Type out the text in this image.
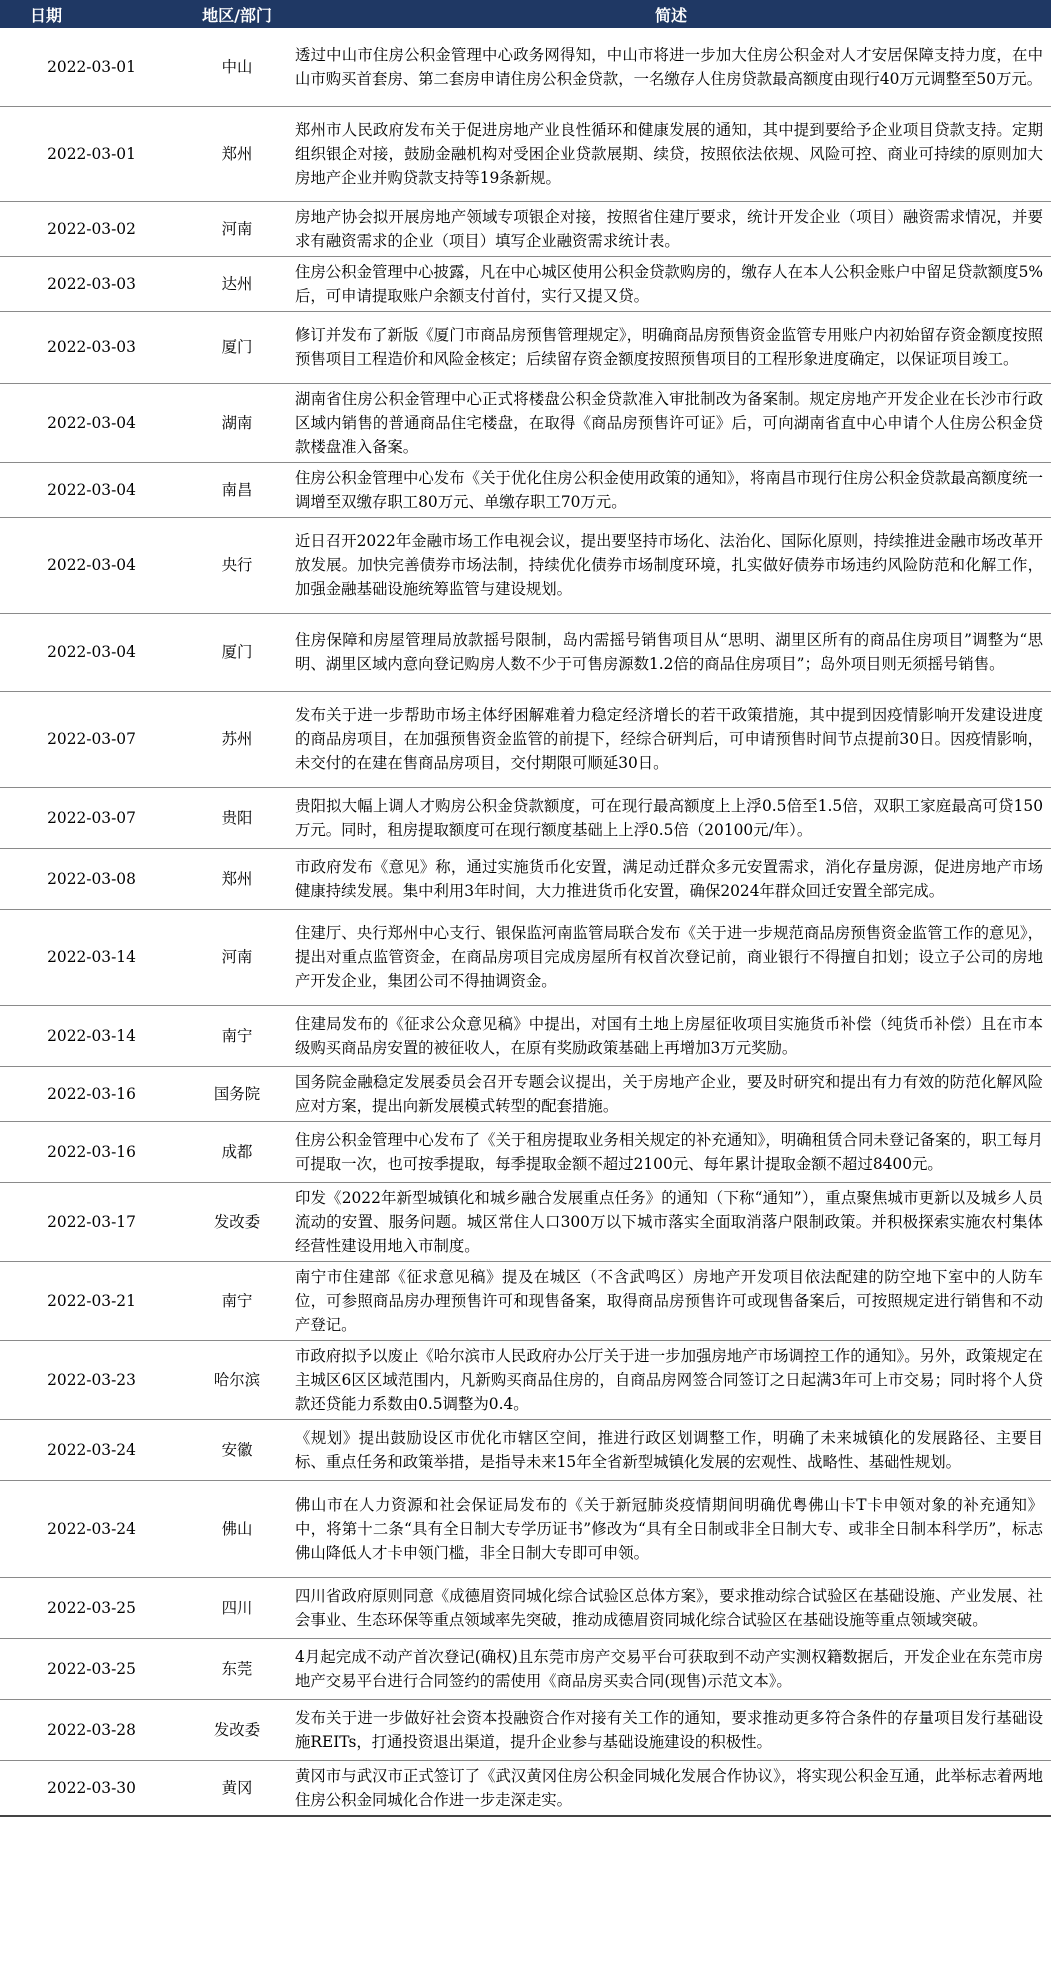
日期	地区/部门	简述
2022-03-01	中山	透过中山市住房公积金管理中心政务网得知，中山市将进一步加大住房公积金对人才安居保障支持力度，在中山市购买首套房、第二套房申请住房公积金贷款，一名缴存人住房贷款最高额度由现行40万元调整至50万元。
2022-03-01	郑州	郑州市人民政府发布关于促进房地产业良性循环和健康发展的通知，其中提到要给予企业项目贷款支持。定期组织银企对接，鼓励金融机构对受困企业贷款展期、续贷，按照依法依规、风险可控、商业可持续的原则加大房地产企业并购贷款支持等19条新规。
2022-03-02	河南	房地产协会拟开展房地产领域专项银企对接，按照省住建厅要求，统计开发企业（项目）融资需求情况，并要求有融资需求的企业（项目）填写企业融资需求统计表。
2022-03-03	达州	住房公积金管理中心披露，凡在中心城区使用公积金贷款购房的，缴存人在本人公积金账户中留足贷款额度5%后，可申请提取账户余额支付首付，实行又提又贷。
2022-03-03	厦门	修订并发布了新版《厦门市商品房预售管理规定》，明确商品房预售资金监管专用账户内初始留存资金额度按照预售项目工程造价和风险金核定；后续留存资金额度按照预售项目的工程形象进度确定，以保证项目竣工。
2022-03-04	湖南	湖南省住房公积金管理中心正式将楼盘公积金贷款准入审批制改为备案制。规定房地产开发企业在长沙市行政区域内销售的普通商品住宅楼盘，在取得《商品房预售许可证》后，可向湖南省直中心申请个人住房公积金贷款楼盘准入备案。
2022-03-04	南昌	住房公积金管理中心发布《关于优化住房公积金使用政策的通知》，将南昌市现行住房公积金贷款最高额度统一调增至双缴存职工80万元、单缴存职工70万元。
2022-03-04	央行	近日召开2022年金融市场工作电视会议，提出要坚持市场化、法治化、国际化原则，持续推进金融市场改革开放发展。加快完善债券市场法制，持续优化债券市场制度环境，扎实做好债券市场违约风险防范和化解工作，加强金融基础设施统筹监管与建设规划。
2022-03-04	厦门	住房保障和房屋管理局放款摇号限制，岛内需摇号销售项目从“思明、湖里区所有的商品住房项目”调整为“思明、湖里区域内意向登记购房人数不少于可售房源数1.2倍的商品住房项目”；岛外项目则无须摇号销售。
2022-03-07	苏州	发布关于进一步帮助市场主体纾困解难着力稳定经济增长的若干政策措施，其中提到因疫情影响开发建设进度的商品房项目，在加强预售资金监管的前提下，经综合研判后，可申请预售时间节点提前30日。因疫情影响，未交付的在建在售商品房项目，交付期限可顺延30日。
2022-03-07	贵阳	贵阳拟大幅上调人才购房公积金贷款额度，可在现行最高额度上上浮0.5倍至1.5倍，双职工家庭最高可贷150万元。同时，租房提取额度可在现行额度基础上上浮0.5倍（20100元/年）。
2022-03-08	郑州	市政府发布《意见》称，通过实施货币化安置，满足动迁群众多元安置需求，消化存量房源，促进房地产市场健康持续发展。集中利用3年时间，大力推进货币化安置，确保2024年群众回迁安置全部完成。
2022-03-14	河南	住建厅、央行郑州中心支行、银保监河南监管局联合发布《关于进一步规范商品房预售资金监管工作的意见》，提出对重点监管资金，在商品房项目完成房屋所有权首次登记前，商业银行不得擅自扣划；设立子公司的房地产开发企业，集团公司不得抽调资金。
2022-03-14	南宁	住建局发布的《征求公众意见稿》中提出，对国有土地上房屋征收项目实施货币补偿（纯货币补偿）且在市本级购买商品房安置的被征收人，在原有奖励政策基础上再增加3万元奖励。
2022-03-16	国务院	国务院金融稳定发展委员会召开专题会议提出，关于房地产企业，要及时研究和提出有力有效的防范化解风险应对方案，提出向新发展模式转型的配套措施。
2022-03-16	成都	住房公积金管理中心发布了《关于租房提取业务相关规定的补充通知》，明确租赁合同未登记备案的，职工每月可提取一次，也可按季提取，每季提取金额不超过2100元、每年累计提取金额不超过8400元。
2022-03-17	发改委	印发《2022年新型城镇化和城乡融合发展重点任务》的通知（下称“通知”），重点聚焦城市更新以及城乡人员流动的安置、服务问题。城区常住人口300万以下城市落实全面取消落户限制政策。并积极探索实施农村集体经营性建设用地入市制度。
2022-03-21	南宁	南宁市住建部《征求意见稿》提及在城区（不含武鸣区）房地产开发项目依法配建的防空地下室中的人防车位，可参照商品房办理预售许可和现售备案，取得商品房预售许可或现售备案后，可按照规定进行销售和不动产登记。
2022-03-23	哈尔滨	市政府拟予以废止《哈尔滨市人民政府办公厅关于进一步加强房地产市场调控工作的通知》。另外，政策规定在主城区6区区域范围内，凡新购买商品住房的，自商品房网签合同签订之日起满3年可上市交易；同时将个人贷款还贷能力系数由0.5调整为0.4。
2022-03-24	安徽	《规划》提出鼓励设区市优化市辖区空间，推进行政区划调整工作，明确了未来城镇化的发展路径、主要目标、重点任务和政策举措，是指导未来15年全省新型城镇化发展的宏观性、战略性、基础性规划。
2022-03-24	佛山	佛山市在人力资源和社会保证局发布的《关于新冠肺炎疫情期间明确优粤佛山卡T卡申领对象的补充通知》中，将第十二条“具有全日制大专学历证书”修改为“具有全日制或非全日制大专、或非全日制本科学历”，标志佛山降低人才卡申领门槛，非全日制大专即可申领。
2022-03-25	四川	四川省政府原则同意《成德眉资同城化综合试验区总体方案》，要求推动综合试验区在基础设施、产业发展、社会事业、生态环保等重点领域率先突破，推动成德眉资同城化综合试验区在基础设施等重点领域突破。
2022-03-25	东莞	4月起完成不动产首次登记(确权)且东莞市房产交易平台可获取到不动产实测权籍数据后，开发企业在东莞市房地产交易平台进行合同签约的需使用《商品房买卖合同(现售)示范文本》。
2022-03-28	发改委	发布关于进一步做好社会资本投融资合作对接有关工作的通知，要求推动更多符合条件的存量项目发行基础设施REITs，打通投资退出渠道，提升企业参与基础设施建设的积极性。
2022-03-30	黄冈	黄冈市与武汉市正式签订了《武汉黄冈住房公积金同城化发展合作协议》，将实现公积金互通，此举标志着两地住房公积金同城化合作进一步走深走实。
